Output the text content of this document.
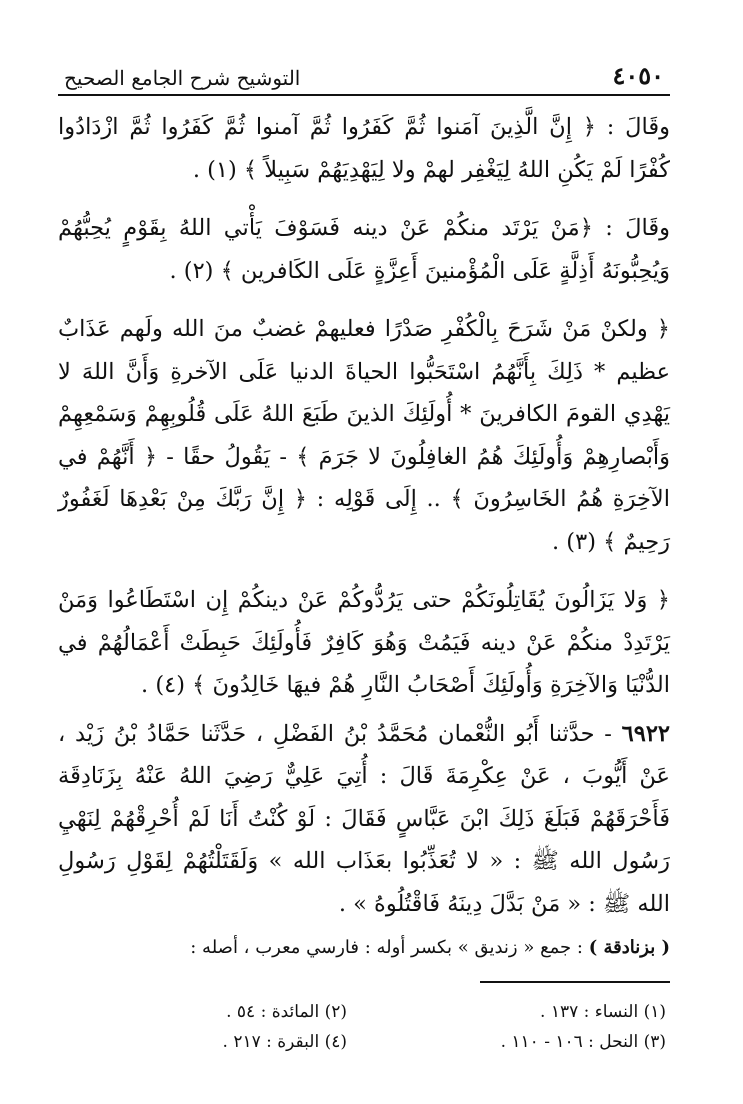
٤٠٥٠
التوشيح شرح الجامع الصحيح

وقَالَ : ﴿ إِنَّ الَّذِينَ آمَنوا ثُمَّ كَفَرُوا ثُمَّ آمنوا ثُمَّ كَفَرُوا ثُمَّ ازْدَادُوا كُفْرًا لَمْ يَكُنِ اللهُ لِيَغْفِر لهمْ ولا لِيَهْدِيَهُمْ سَبِيلاً ﴾ (١) .

وقَالَ : ﴿مَنْ يَرْتَد منكُمْ عَنْ دينه فَسَوْفَ يَأْتي اللهُ بِقَوْمٍ يُحِبُّهُمْ وَيُحِبُّونَهُ أَذِلَّةٍ عَلَى الْمُؤْمنينَ أَعِزَّةٍ عَلَى الكَافرين ﴾ (٢) .

﴿ ولكنْ مَنْ شَرَحَ بِالْكُفْرِ صَدْرًا فعليهمْ غضبٌ منَ الله ولَهم عَذَابٌ عظيم * ذَلِكَ بِأَنَّهُمُ اسْتَحَبُّوا الحياةَ الدنيا عَلَى الآخرةِ وَأَنَّ اللهَ لا يَهْدِي القومَ الكافرينَ * أُولَئِكَ الذينَ طَبَعَ اللهُ عَلَى قُلُوبِهِمْ وَسَمْعِهِمْ وَأَبْصارِهِمْ وَأُولَئِكَ هُمُ الغافِلُونَ لا جَرَمَ ﴾ - يَقُولُ حقًا - ﴿ أَنَّهُمْ في الآخِرَةِ هُمُ الخَاسِرُونَ ﴾ .. إِلَى قَوْلِه : ﴿ إِنَّ رَبَّكَ مِنْ بَعْدِهَا لَغَفُورٌ رَحِيمٌ ﴾ (٣) .

﴿ وَلا يَزَالُونَ يُقَاتِلُونَكُمْ حتى يَرُدُّوكُمْ عَنْ دينكُمْ إِن اسْتَطَاعُوا وَمَنْ يَرْتَدِدْ منكُمْ عَنْ دينه فَيَمُتْ وَهُوَ كَافِرٌ فَأُولَئِكَ حَبِطَتْ أَعْمَالُهُمْ في الدُّنْيَا وَالآخِرَةِ وَأُولَئِكَ أَصْحَابُ النَّارِ هُمْ فيهَا خَالِدُونَ ﴾ (٤) .

٦٩٢٢ - حدَّثنا أَبُو النُّعْمان مُحَمَّدُ بْنُ الفَضْلِ ، حَدَّثَنا حَمَّادُ بْنُ زَيْد ، عَنْ أَيُّوبَ ، عَنْ عِكْرِمَةَ قَالَ : أُتِيَ عَلِيٌّ رَضِيَ اللهُ عَنْهُ بِزَنَادِقَة فَأَحْرَقَهُمْ فَبَلَغَ ذَلِكَ ابْنَ عَبَّاسٍ فَقَالَ : لَوْ كُنْتُ أَنَا لَمْ أُحْرِقْهُمْ لِنَهْيِ رَسُول الله ﷺ : « لا تُعَذِّبُوا بعَذَاب الله » وَلَقَتَلْتُهُمْ لِقَوْلِ رَسُولِ الله ﷺ : « مَنْ بَدَّلَ دِينَهُ فَاقْتُلُوهُ » .

( بزنادقة ) : جمع « زنديق » بكسر أوله : فارسي معرب ، أصله :

(١) النساء : ١٣٧ .
(٢) المائدة : ٥٤ .
(٣) النحل : ١٠٦ - ١١٠ .
(٤) البقرة : ٢١٧ .
